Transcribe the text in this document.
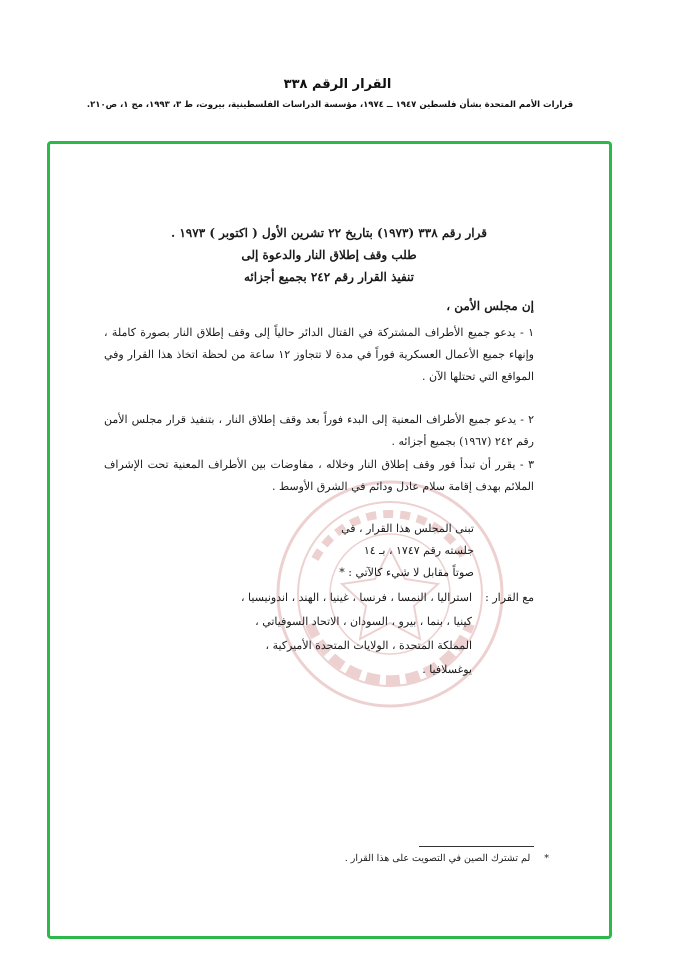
القرار الرقم ٣٣٨
قرارات الأمم المتحدة بشأن فلسطين ١٩٤٧ ــ ١٩٧٤، مؤسسة الدراسات الفلسطينية، بيروت، ط ٣، ١٩٩٣، مج ١، ص٢١٠.
قرار رقم ٣٣٨ (١٩٧٣) بتاريخ ٢٢ تشرين الأول ( اكتوبر ) ١٩٧٣ .
طلب وقف إطلاق النار والدعوة إلى
تنفيذ القرار رقم ٢٤٢ بجميع أجزائه
إن مجلس الأمن ،
١ - يدعو جميع الأطراف المشتركة في القتال الدائر حالياً إلى وقف إطلاق النار بصورة كاملة ، وإنهاء جميع الأعمال العسكرية فوراً في مدة لا تتجاوز ١٢ ساعة من لحظة اتخاذ هذا القرار وفي المواقع التي تحتلها الآن .
٢ - يدعو جميع الأطراف المعنية إلى البدء فوراً بعد وقف إطلاق النار ، بتنفيذ قرار مجلس الأمن رقم ٢٤٢ (١٩٦٧) بجميع أجزائه .
٣ - يقرر أن تبدأ فور وقف إطلاق النار وخلاله ، مفاوضات بين الأطراف المعنية تحت الإشراف الملائم بهدف إقامة سلام عادل ودائم في الشرق الأوسط .
تبنى المجلس هذا القرار ، في
جلسته رقم ١٧٤٧ ، بـ ١٤
صوتاً مقابل لا شيء كالآتي : *
مع القرار :
استراليا ، النمسا ، فرنسا ، غينيا ، الهند ، اندونيسيا ،
كينيا ، بنما ، بيرو ، السودان ، الاتحاد السوفياتي ،
المملكة المتحدة ، الولايات المتحدة الأميركية ،
يوغسلافيا .
*لم تشترك الصين في التصويت على هذا القرار .
